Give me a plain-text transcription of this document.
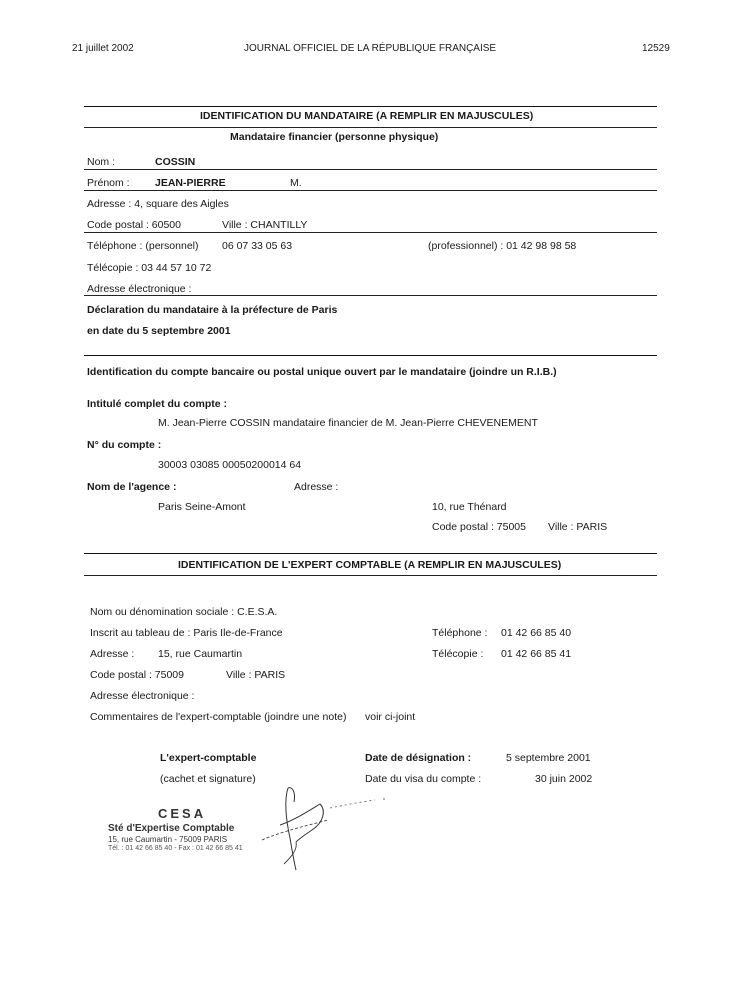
21 juillet 2002	JOURNAL OFFICIEL DE LA RÉPUBLIQUE FRANÇAISE	12529
IDENTIFICATION DU MANDATAIRE (A REMPLIR EN MAJUSCULES)
Mandataire financier (personne physique)
Nom :	COSSIN
Prénom : JEAN-PIERRE	M.
Adresse : 4, square des Aigles
Code postal : 60500	Ville : CHANTILLY
Téléphone : (personnel) 06 07 33 05 63	(professionnel) : 01 42 98 98 58
Télécopie : 03 44 57 10 72
Adresse électronique :
Déclaration du mandataire à la préfecture de Paris
en date du 5 septembre 2001
Identification du compte bancaire ou postal unique ouvert par le mandataire (joindre un R.I.B.)
Intitulé complet du compte :
M. Jean-Pierre COSSIN mandataire financier de M. Jean-Pierre CHEVENEMENT
N° du compte :
30003 03085 00050200014 64
Nom de l'agence :	Adresse :
Paris Seine-Amont	10, rue Thénard
Code postal : 75005 Ville : PARIS
IDENTIFICATION DE L'EXPERT COMPTABLE (A REMPLIR EN MAJUSCULES)
Nom ou dénomination sociale : C.E.S.A.
Inscrit au tableau de : Paris Ile-de-France	Téléphone : 01 42 66 85 40
Adresse : 15, rue Caumartin	Télécopie : 01 42 66 85 41
Code postal : 75009	Ville : PARIS
Adresse électronique :
Commentaires de l'expert-comptable (joindre une note) voir ci-joint
L'expert-comptable	Date de désignation :	5 septembre 2001
(cachet et signature)	Date du visa du compte :	30 juin 2002
CESA
Sté d'Expertise Comptable
15, rue Caumartin - 75009 PARIS
Tél. : 01 42 66 85 40 - Fax : 01 42 66 85 41
